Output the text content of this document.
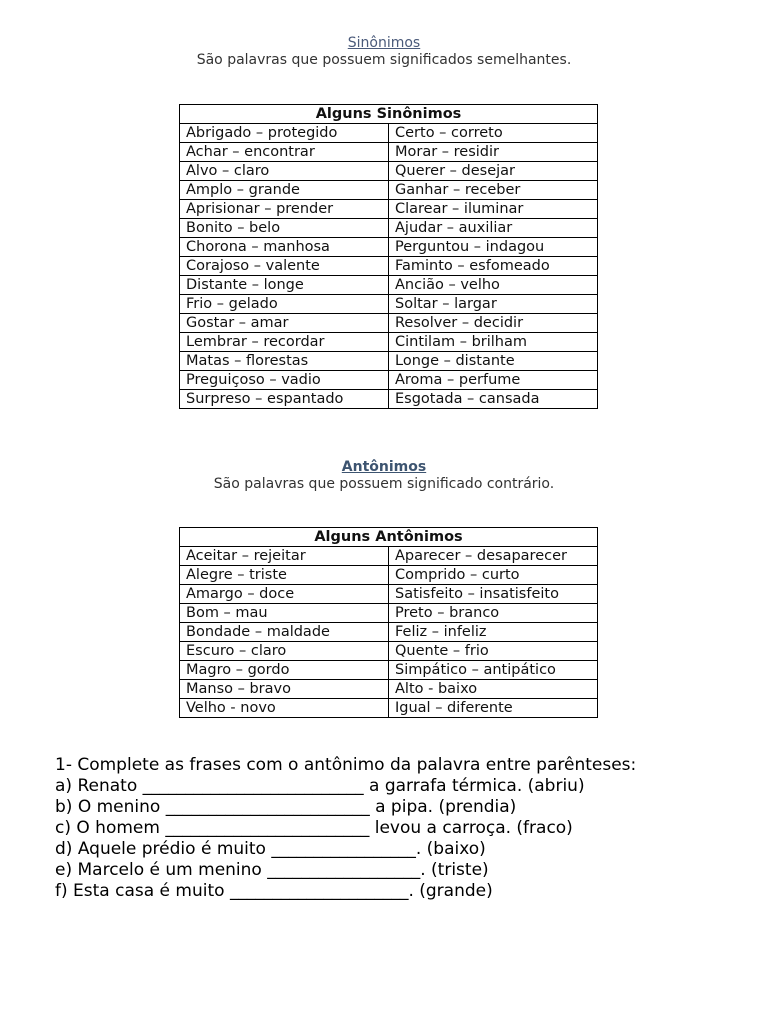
Sinônimos
São palavras que possuem significados semelhantes.
Alguns Sinônimos	
Abrigado – protegido	Certo – correto
Achar – encontrar	Morar – residir
Alvo – claro	Querer – desejar
Amplo – grande	Ganhar – receber
Aprisionar – prender	Clarear – iluminar
Bonito – belo	Ajudar – auxiliar
Chorona – manhosa	Perguntou – indagou
Corajoso – valente	Faminto – esfomeado
Distante – longe	Ancião – velho
Frio – gelado	Soltar – largar
Gostar – amar	Resolver – decidir
Lembrar – recordar	Cintilam – brilham
Matas – florestas	Longe – distante
Preguiçoso – vadio	Aroma – perfume
Surpreso – espantado	Esgotada – cansada
Antônimos
São palavras que possuem significado contrário.
Alguns Antônimos	
Aceitar – rejeitar	Aparecer – desaparecer
Alegre – triste	Comprido – curto
Amargo – doce	Satisfeito – insatisfeito
Bom – mau	Preto – branco
Bondade – maldade	Feliz – infeliz
Escuro – claro	Quente – frio
Magro – gordo	Simpático – antipático
Manso – bravo	Alto - baixo
Velho - novo	Igual – diferente
1- Complete as frases com o antônimo da palavra entre parênteses:
a) Renato __________________________ a garrafa térmica. (abriu)
b) O menino ________________________ a pipa. (prendia)
c) O homem ________________________ levou a carroça. (fraco)
d) Aquele prédio é muito _________________. (baixo)
e) Marcelo é um menino __________________. (triste)
f) Esta casa é muito _____________________. (grande)
